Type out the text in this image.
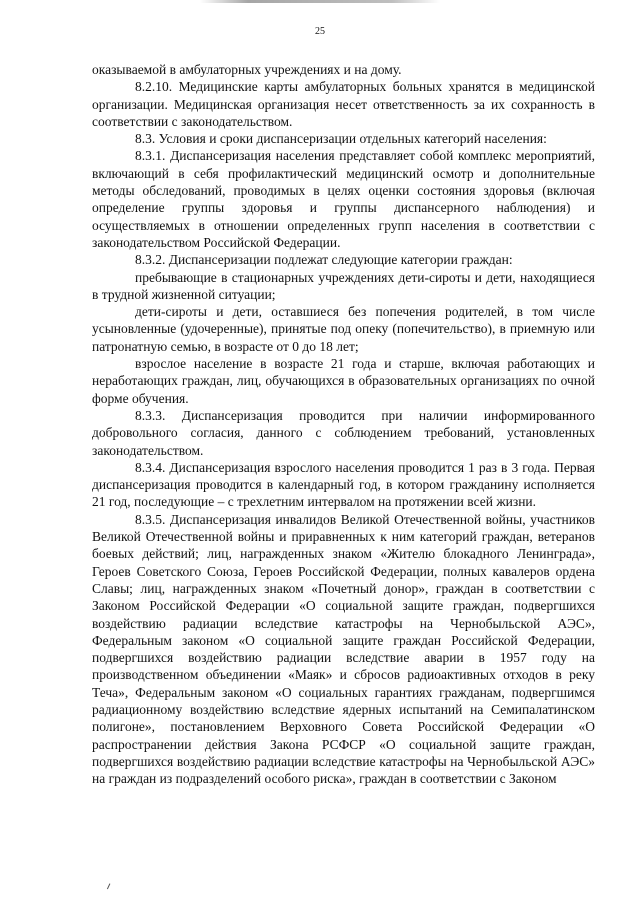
25

оказываемой в амбулаторных учреждениях и на дому.

8.2.10. Медицинские карты амбулаторных больных хранятся в медицинской организации. Медицинская организация несет ответственность за их сохранность в соответствии с законодательством.

8.3. Условия и сроки диспансеризации отдельных категорий населения:

8.3.1. Диспансеризация населения представляет собой комплекс мероприятий, включающий в себя профилактический медицинский осмотр и дополнительные методы обследований, проводимых в целях оценки состояния здоровья (включая определение группы здоровья и группы диспансерного наблюдения) и осуществляемых в отношении определенных групп населения в соответствии с законодательством Российской Федерации.

8.3.2. Диспансеризации подлежат следующие категории граждан:

пребывающие в стационарных учреждениях дети-сироты и дети, находящиеся в трудной жизненной ситуации;

дети-сироты и дети, оставшиеся без попечения родителей, в том числе усыновленные (удочеренные), принятые под опеку (попечительство), в приемную или патронатную семью, в возрасте от 0 до 18 лет;

взрослое население в возрасте 21 года и старше, включая работающих и неработающих граждан, лиц, обучающихся в образовательных организациях по очной форме обучения.

8.3.3. Диспансеризация проводится при наличии информированного добровольного согласия, данного с соблюдением требований, установленных законодательством.

8.3.4. Диспансеризация взрослого населения проводится 1 раз в 3 года. Первая диспансеризация проводится в календарный год, в котором гражданину исполняется 21 год, последующие – с трехлетним интервалом на протяжении всей жизни.

8.3.5. Диспансеризация инвалидов Великой Отечественной войны, участников Великой Отечественной войны и приравненных к ним категорий граждан, ветеранов боевых действий; лиц, награжденных знаком «Жителю блокадного Ленинграда», Героев Советского Союза, Героев Российской Федерации, полных кавалеров ордена Славы; лиц, награжденных знаком «Почетный донор», граждан в соответствии с Законом Российской Федерации «О социальной защите граждан, подвергшихся воздействию радиации вследствие катастрофы на Чернобыльской АЭС», Федеральным законом «О социальной защите граждан Российской Федерации, подвергшихся воздействию радиации вследствие аварии в 1957 году на производственном объединении «Маяк» и сбросов радиоактивных отходов в реку Теча», Федеральным законом «О социальных гарантиях гражданам, подвергшимся радиационному воздействию вследствие ядерных испытаний на Семипалатинском полигоне», постановлением Верховного Совета Российской Федерации «О распространении действия Закона РСФСР «О социальной защите граждан, подвергшихся воздействию радиации вследствие катастрофы на Чернобыльской АЭС» на граждан из подразделений особого риска», граждан в соответствии с Законом
